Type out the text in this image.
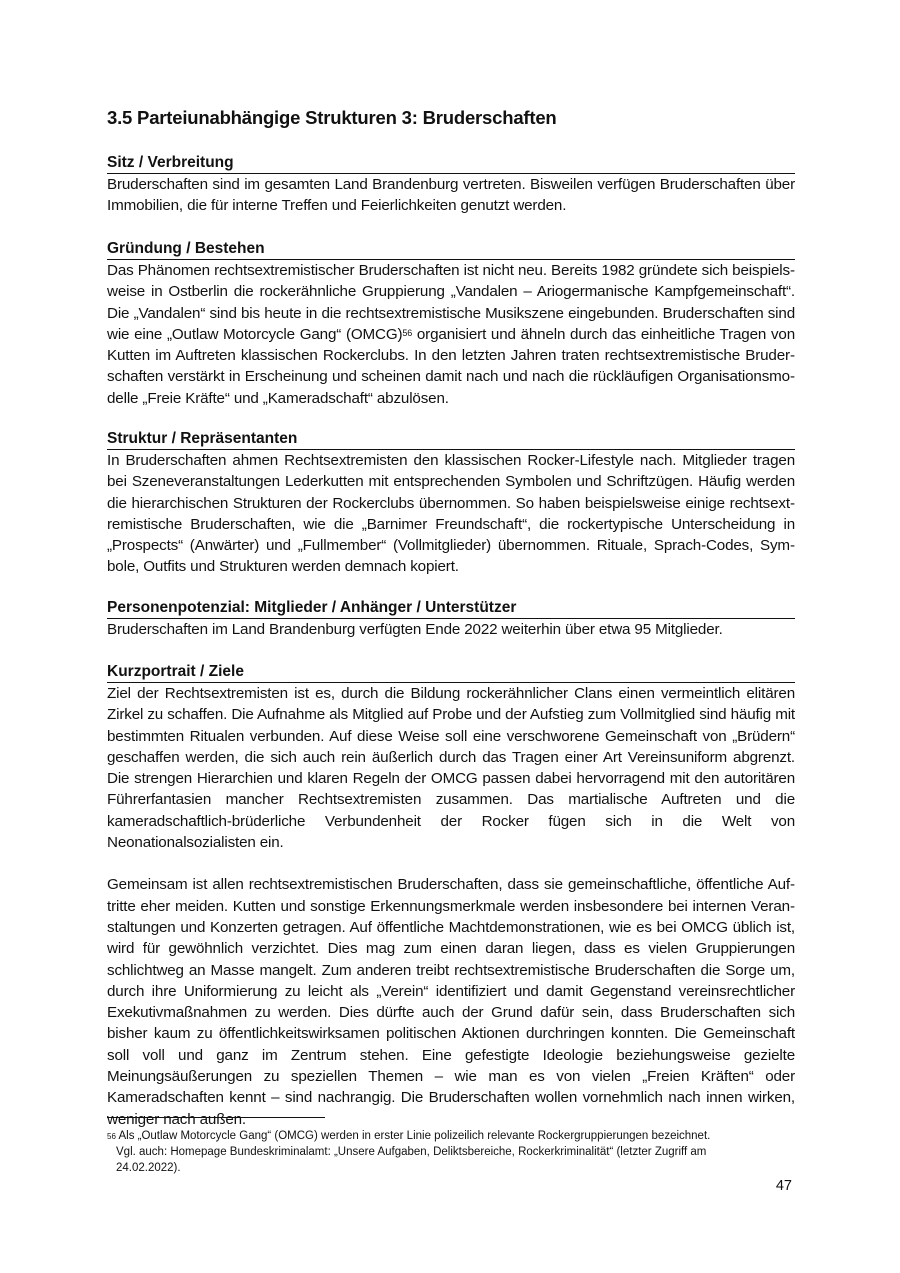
3.5 Parteiunabhängige Strukturen 3: Bruderschaften

Sitz / Verbreitung

Bruderschaften sind im gesamten Land Brandenburg vertreten. Bisweilen verfügen Bruderschaften über Immobilien, die für interne Treffen und Feierlichkeiten genutzt werden.

Gründung / Bestehen

Das Phänomen rechtsextremistischer Bruderschaften ist nicht neu. Bereits 1982 gründete sich beispielsweise in Ostberlin die rockerähnliche Gruppierung „Vandalen – Ariogermanische Kampfgemeinschaft“. Die „Vandalen“ sind bis heute in die rechtsextremistische Musikszene eingebunden. Bruderschaften sind wie eine „Outlaw Motorcycle Gang“ (OMCG)$^{56}$ organisiert und ähneln durch das einheitliche Tragen von Kutten im Auftreten klassischen Rockerclubs. In den letzten Jahren traten rechtsextremistische Bruderschaften verstärkt in Erscheinung und scheinen damit nach und nach die rückläufigen Organisationsmodelle „Freie Kräfte“ und „Kameradschaft“ abzulösen.

Struktur / Repräsentanten

In Bruderschaften ahmen Rechtsextremisten den klassischen Rocker-Lifestyle nach. Mitglieder tragen bei Szeneveranstaltungen Lederkutten mit entsprechenden Symbolen und Schriftzügen. Häufig werden die hierarchischen Strukturen der Rockerclubs übernommen. So haben beispielsweise einige rechtsextremistische Bruderschaften, wie die „Barnimer Freundschaft“, die rockertypische Unterscheidung in „Prospects“ (Anwärter) und „Fullmember“ (Vollmitglieder) übernommen. Rituale, Sprach-Codes, Symbole, Outfits und Strukturen werden demnach kopiert.

Personenpotenzial: Mitglieder / Anhänger / Unterstützer

Bruderschaften im Land Brandenburg verfügten Ende 2022 weiterhin über etwa 95 Mitglieder.

Kurzportrait / Ziele

Ziel der Rechtsextremisten ist es, durch die Bildung rockerähnlicher Clans einen vermeintlich elitären Zirkel zu schaffen. Die Aufnahme als Mitglied auf Probe und der Aufstieg zum Vollmitglied sind häufig mit bestimmten Ritualen verbunden. Auf diese Weise soll eine verschworene Gemeinschaft von „Brüdern“ geschaffen werden, die sich auch rein äußerlich durch das Tragen einer Art Vereinsuniform abgrenzt. Die strengen Hierarchien und klaren Regeln der OMCG passen dabei hervorragend mit den autoritären Führerfantasien mancher Rechtsextremisten zusammen. Das martialische Auftreten und die kameradschaftlich-brüderliche Verbundenheit der Rocker fügen sich in die Welt von Neonationalsozialisten ein.

Gemeinsam ist allen rechtsextremistischen Bruderschaften, dass sie gemeinschaftliche, öffentliche Auftritte eher meiden. Kutten und sonstige Erkennungsmerkmale werden insbesondere bei internen Veranstaltungen und Konzerten getragen. Auf öffentliche Machtdemonstrationen, wie es bei OMCG üblich ist, wird für gewöhnlich verzichtet. Dies mag zum einen daran liegen, dass es vielen Gruppierungen schlichtweg an Masse mangelt. Zum anderen treibt rechtsextremistische Bruderschaften die Sorge um, durch ihre Uniformierung zu leicht als „Verein“ identifiziert und damit Gegenstand vereinsrechtlicher Exekutivmaßnahmen zu werden. Dies dürfte auch der Grund dafür sein, dass Bruderschaften sich bisher kaum zu öffentlichkeitswirksamen politischen Aktionen durchringen konnten. Die Gemeinschaft soll voll und ganz im Zentrum stehen. Eine gefestigte Ideologie beziehungsweise gezielte Meinungsäußerungen zu speziellen Themen – wie man es von vielen „Freien Kräften“ oder Kameradschaften kennt – sind nachrangig. Die Bruderschaften wollen vornehmlich nach innen wirken, weniger nach außen.

$^{56}$ Als „Outlaw Motorcycle Gang“ (OMCG) werden in erster Linie polizeilich relevante Rockergruppierungen bezeichnet.
Vgl. auch: Homepage Bundeskriminalamt: „Unsere Aufgaben, Deliktsbereiche, Rockerkriminalität“ (letzter Zugriff am
24.02.2022).

47
